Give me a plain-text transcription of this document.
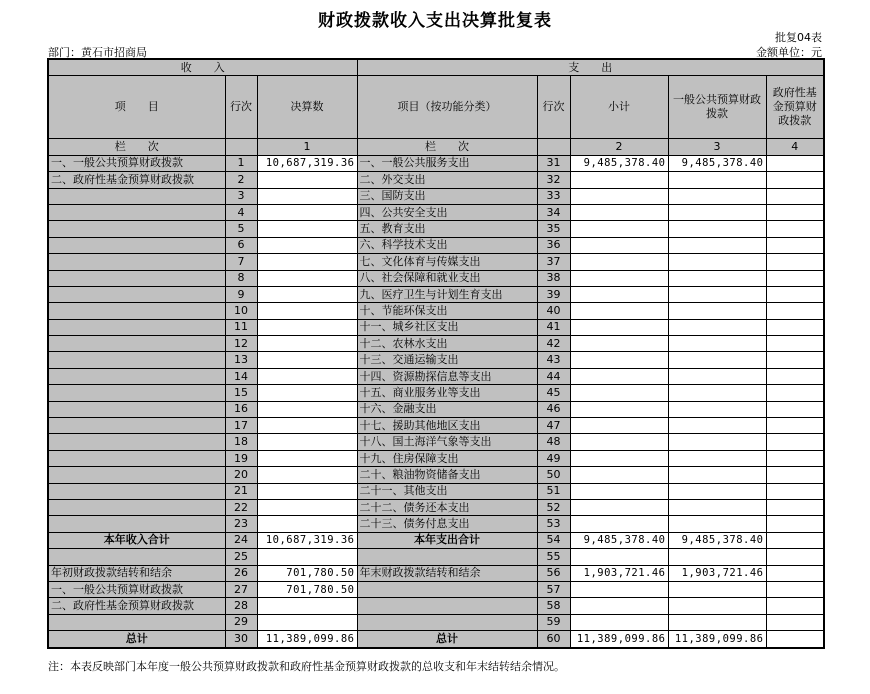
财政拨款收入支出决算批复表
批复04表
部门：黄石市招商局	金额单位：元
收　　入			支　　出				
项　　目	行次	决算数	项目（按功能分类）	行次	小计	一般公共预算财政拨款	政府性基金预算财政拨款
栏　　次		1	栏　　次		2	3	4
一、一般公共预算财政拨款	1	10,687,319.36	一、一般公共服务支出	31	9,485,378.40	9,485,378.40	
二、政府性基金预算财政拨款	2		二、外交支出	32			
	3		三、国防支出	33			
	4		四、公共安全支出	34			
	5		五、教育支出	35			
	6		六、科学技术支出	36			
	7		七、文化体育与传媒支出	37			
	8		八、社会保障和就业支出	38			
	9		九、医疗卫生与计划生育支出	39			
	10		十、节能环保支出	40			
	11		十一、城乡社区支出	41			
	12		十二、农林水支出	42			
	13		十三、交通运输支出	43			
	14		十四、资源勘探信息等支出	44			
	15		十五、商业服务业等支出	45			
	16		十六、金融支出	46			
	17		十七、援助其他地区支出	47			
	18		十八、国土海洋气象等支出	48			
	19		十九、住房保障支出	49			
	20		二十、粮油物资储备支出	50			
	21		二十一、其他支出	51			
	22		二十二、债务还本支出	52			
	23		二十三、债务付息支出	53			
本年收入合计	24	10,687,319.36	本年支出合计	54	9,485,378.40	9,485,378.40	
	25			55			
年初财政拨款结转和结余	26	701,780.50	年末财政拨款结转和结余	56	1,903,721.46	1,903,721.46	
一、一般公共预算财政拨款	27	701,780.50		57			
二、政府性基金预算财政拨款	28			58			
	29			59			
总计	30	11,389,099.86	总计	60	11,389,099.86	11,389,099.86	
注：本表反映部门本年度一般公共预算财政拨款和政府性基金预算财政拨款的总收支和年末结转结余情况。
